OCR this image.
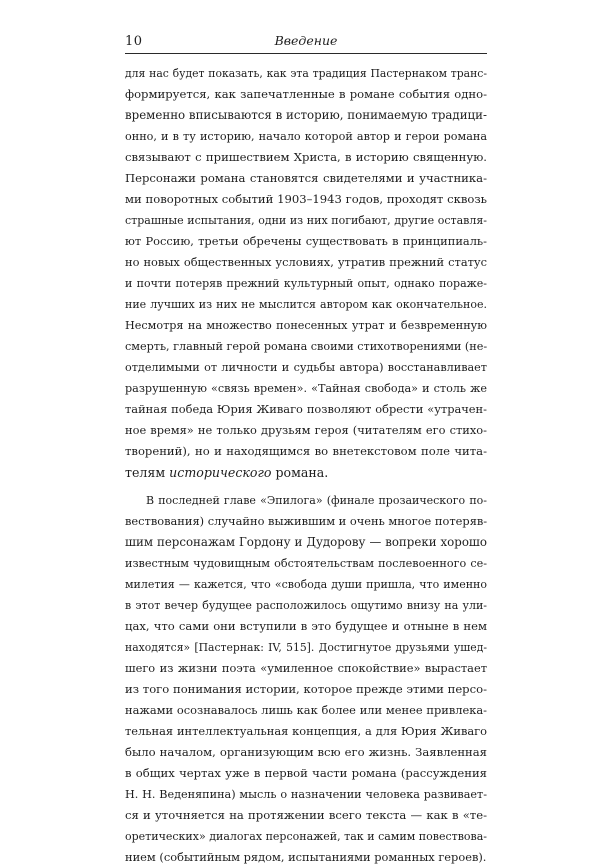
10	Введение
для нас будет показать, как эта традиция Пастернаком транс-
формируется, как запечатленные в романе события одно-
временно вписываются в историю, понимаемую традици-
онно, и в ту историю, начало которой автор и герои романа
связывают с пришествием Христа, в историю священную.
Персонажи романа становятся свидетелями и участника-
ми поворотных событий 1903–1943 годов, проходят сквозь
страшные испытания, одни из них погибают, другие оставля-
ют Россию, третьи обречены существовать в принципиаль-
но новых общественных условиях, утратив прежний статус
и почти потеряв прежний культурный опыт, однако пораже-
ние лучших из них не мыслится автором как окончательное.
Несмотря на множество понесенных утрат и безвременную
смерть, главный герой романа своими стихотворениями (не-
отделимыми от личности и судьбы автора) восстанавливает
разрушенную «связь времен». «Тайная свобода» и столь же
тайная победа Юрия Живаго позволяют обрести «утрачен-
ное время» не только друзьям героя (читателям его стихо-
творений), но и находящимся во внетекстовом поле чита-
телям исторического романа.
В последней главе «Эпилога» (финале прозаического по-
вествования) случайно выжившим и очень многое потеряв-
шим персонажам Гордону и Дудорову — вопреки хорошо
известным чудовищным обстоятельствам послевоенного се-
милетия — кажется, что «свобода души пришла, что именно
в этот вечер будущее расположилось ощутимо внизу на ули-
цах, что сами они вступили в это будущее и отныне в нем
находятся» [Пастернак: IV, 515]. Достигнутое друзьями ушед-
шего из жизни поэта «умиленное спокойствие» вырастает
из того понимания истории, которое прежде этими персо-
нажами осознавалось лишь как более или менее привлека-
тельная интеллектуальная концепция, а для Юрия Живаго
было началом, организующим всю его жизнь. Заявленная
в общих чертах уже в первой части романа (рассуждения
Н. Н. Веденяпина) мысль о назначении человека развивает-
ся и уточняется на протяжении всего текста — как в «те-
оретических» диалогах персонажей, так и самим повествова-
нием (событийным рядом, испытаниями романных героев).
